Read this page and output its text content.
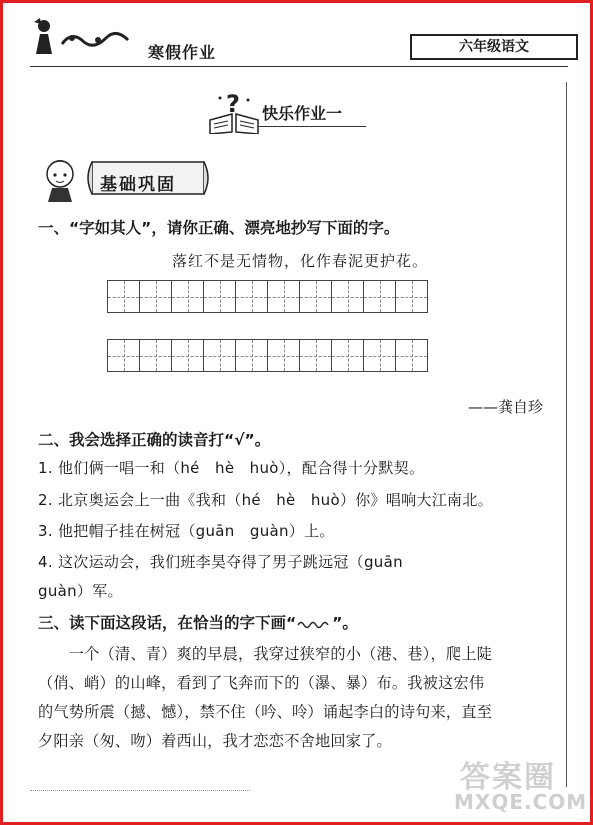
寒假作业	六年级语文
? 快乐作业一
基础巩固
一、“字如其人”，请你正确、漂亮地抄写下面的字。
落红不是无情物，化作春泥更护花。
——龚自珍
二、我会选择正确的读音打“√”。
1. 他们俩一唱一和（hé　hè　huò），配合得十分默契。
2. 北京奥运会上一曲《我和（hé　hè　huò）你》唱响大江南北。
3. 他把帽子挂在树冠（guān　guàn）上。
4. 这次运动会，我们班李昊夺得了男子跳远冠（guān
guàn）军。
三、读下面这段话，在恰当的字下画“ ”。
　　一个（清、青）爽的早晨，我穿过狭窄的小（港、巷），爬上陡
（俏、峭）的山峰，看到了飞奔而下的（瀑、暴）布。我被这宏伟
的气势所震（撼、憾），禁不住（吟、呤）诵起李白的诗句来，直至
夕阳亲（匆、吻）着西山，我才恋恋不舍地回家了。
答案圈
MXQE.COM
